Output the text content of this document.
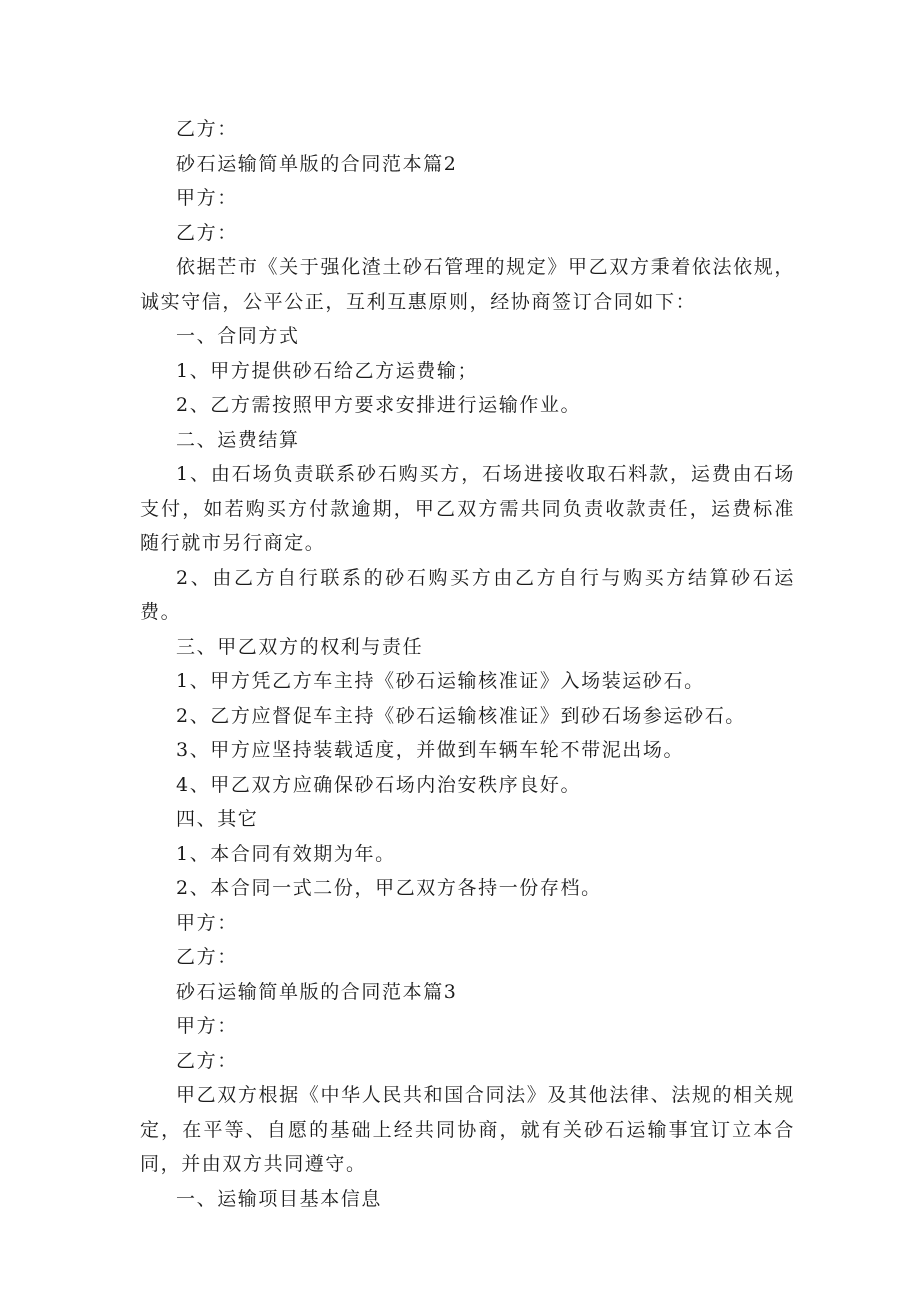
乙方：

砂石运输简单版的合同范本篇2

甲方：

乙方：

依据芒市《关于强化渣土砂石管理的规定》甲乙双方秉着依法依规，诚实守信，公平公正，互利互惠原则，经协商签订合同如下：

一、合同方式

1、甲方提供砂石给乙方运费输；

2、乙方需按照甲方要求安排进行运输作业。

二、运费结算

1、由石场负责联系砂石购买方，石场进接收取石料款，运费由石场支付，如若购买方付款逾期，甲乙双方需共同负责收款责任，运费标准随行就市另行商定。

2、由乙方自行联系的砂石购买方由乙方自行与购买方结算砂石运费。

三、甲乙双方的权利与责任

1、甲方凭乙方车主持《砂石运输核准证》入场装运砂石。

2、乙方应督促车主持《砂石运输核准证》到砂石场参运砂石。

3、甲方应坚持装载适度，并做到车辆车轮不带泥出场。

4、甲乙双方应确保砂石场内治安秩序良好。

四、其它

1、本合同有效期为年。

2、本合同一式二份，甲乙双方各持一份存档。

甲方：

乙方：

砂石运输简单版的合同范本篇3

甲方：

乙方：

甲乙双方根据《中华人民共和国合同法》及其他法律、法规的相关规定，在平等、自愿的基础上经共同协商，就有关砂石运输事宜订立本合同，并由双方共同遵守。

一、运输项目基本信息
